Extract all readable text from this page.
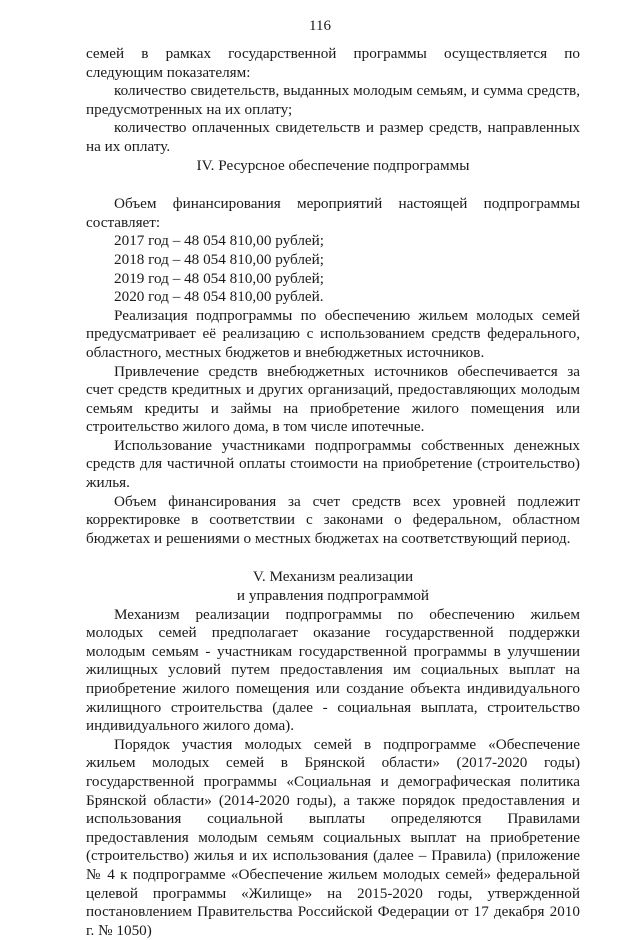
116

семей в рамках государственной программы осуществляется по следующим показателям:

количество свидетельств, выданных молодым семьям, и сумма средств, предусмотренных на их оплату;

количество оплаченных свидетельств и размер средств, направленных на их оплату.

IV. Ресурсное обеспечение подпрограммы

Объем финансирования мероприятий настоящей подпрограммы

составляет:

2017 год – 48 054 810,00 рублей;

2018 год – 48 054 810,00 рублей;

2019 год – 48 054 810,00 рублей;

2020 год – 48 054 810,00 рублей.

Реализация подпрограммы по обеспечению жильем молодых семей предусматривает её реализацию с использованием средств федерального, областного, местных бюджетов и внебюджетных источников.

Привлечение средств внебюджетных источников обеспечивается за счет средств кредитных и других организаций, предоставляющих молодым семьям кредиты и займы на приобретение жилого помещения или строительство жилого дома, в том числе ипотечные.

Использование участниками подпрограммы собственных денежных средств для частичной оплаты стоимости на приобретение (строительство) жилья.

Объем финансирования за счет средств всех уровней подлежит корректировке в соответствии с законами о федеральном, областном бюджетах и решениями о местных бюджетах на соответствующий период.

V. Механизм реализации

и управления подпрограммой

Механизм реализации подпрограммы по обеспечению жильем молодых семей предполагает оказание государственной поддержки молодым семьям - участникам государственной программы в улучшении жилищных условий путем предоставления им социальных выплат на приобретение жилого помещения или создание объекта индивидуального жилищного строительства (далее - социальная выплата, строительство индивидуального жилого дома).

Порядок участия молодых семей в подпрограмме «Обеспечение жильем молодых семей в Брянской области» (2017-2020 годы) государственной программы «Социальная и демографическая политика Брянской области» (2014-2020 годы), а также порядок предоставления и использования социальной выплаты определяются Правилами предоставления молодым семьям социальных выплат на приобретение (строительство) жилья и их использования (далее – Правила) (приложение № 4 к подпрограмме «Обеспечение жильем молодых семей» федеральной целевой программы «Жилище» на 2015-2020 годы, утвержденной постановлением Правительства Российской Федерации от 17 декабря 2010 г. № 1050)
